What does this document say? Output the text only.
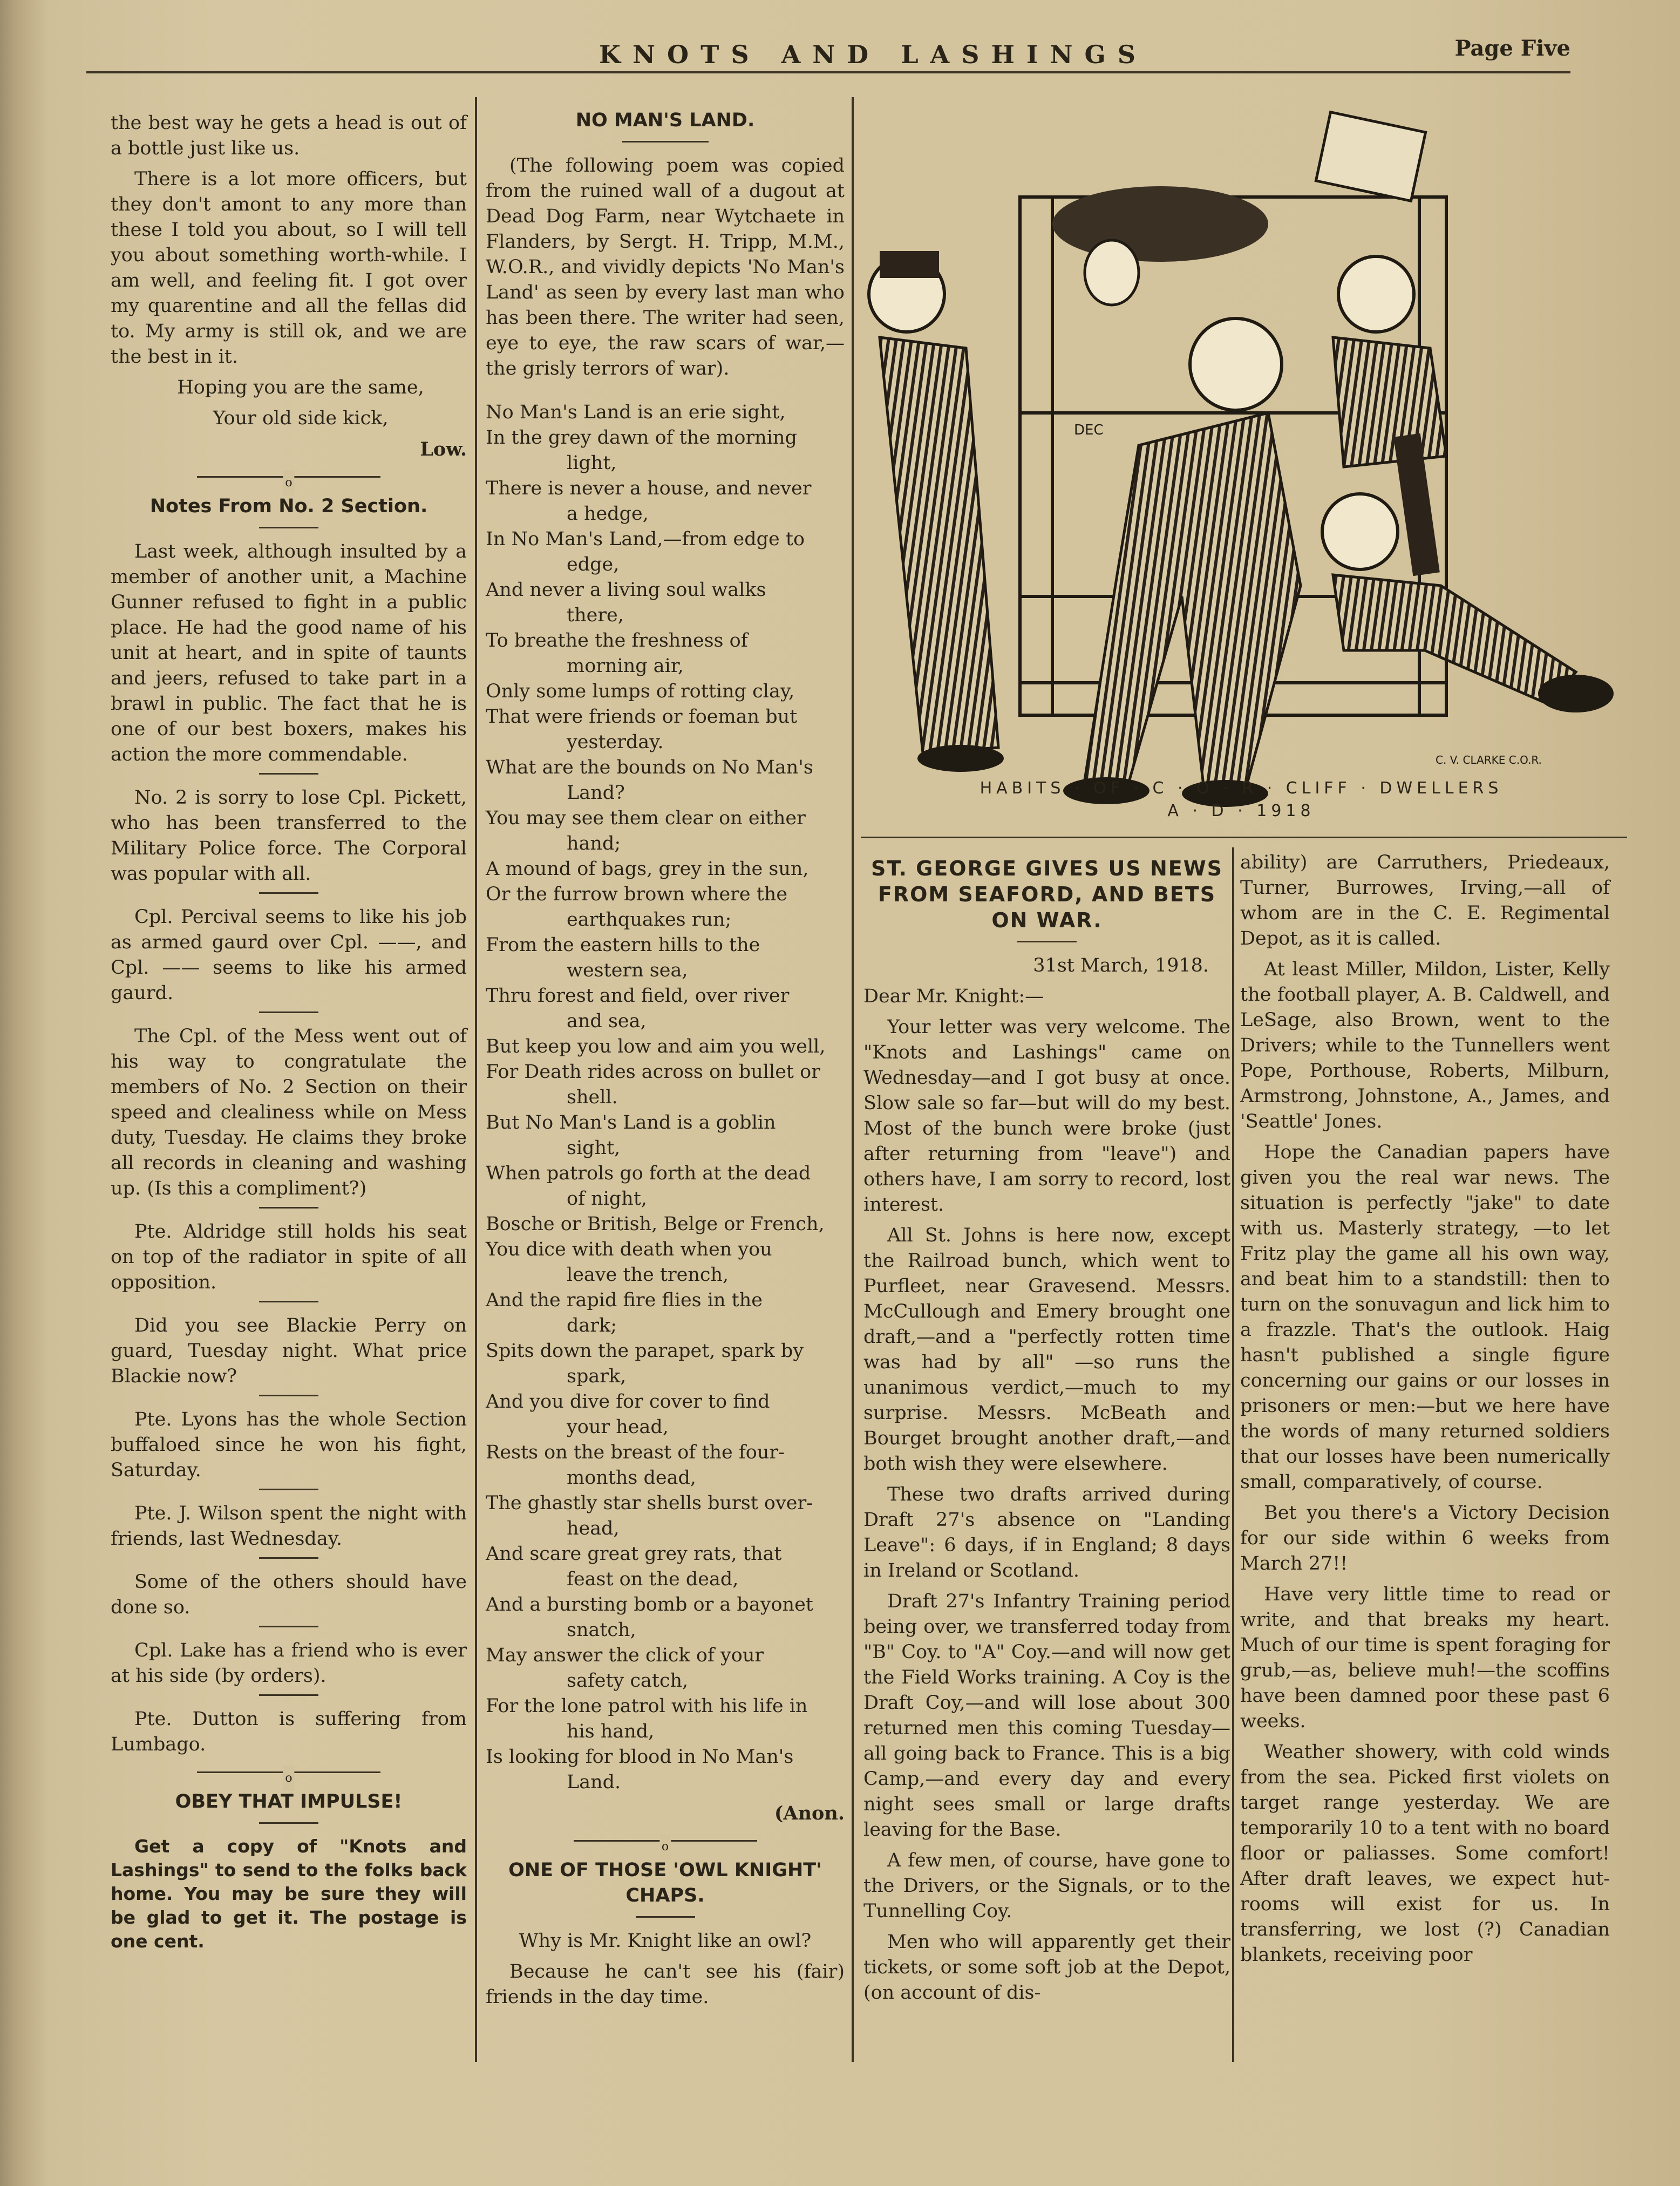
KNOTS AND LASHINGS	Page Five

the best way he gets a head is out of a bottle just like us.

There is a lot more officers, but they don't amont to any more than these I told you about, so I will tell you about something worth-while. I am well, and feeling fit. I got over my quarentine and all the fellas did to. My army is still ok, and we are the best in it.

Hoping you are the same,

Your old side kick,

Low.

o
Notes From No. 2 Section.

Last week, although insulted by a member of another unit, a Machine Gunner refused to fight in a public place. He had the good name of his unit at heart, and in spite of taunts and jeers, refused to take part in a brawl in public. The fact that he is one of our best boxers, makes his action the more commendable.

No. 2 is sorry to lose Cpl. Pickett, who has been transferred to the Military Police force. The Corporal was popular with all.

Cpl. Percival seems to like his job as armed gaurd over Cpl. ——, and Cpl. —— seems to like his armed gaurd.

The Cpl. of the Mess went out of his way to congratulate the members of No. 2 Section on their speed and clealiness while on Mess duty, Tuesday. He claims they broke all records in cleaning and washing up. (Is this a compliment?)

Pte. Aldridge still holds his seat on top of the radiator in spite of all opposition.

Did you see Blackie Perry on guard, Tuesday night. What price Blackie now?

Pte. Lyons has the whole Section buffaloed since he won his fight, Saturday.

Pte. J. Wilson spent the night with friends, last Wednesday.

Some of the others should have done so.

Cpl. Lake has a friend who is ever at his side (by orders).

Pte. Dutton is suffering from Lumbago.

o
OBEY THAT IMPULSE!

Get a copy of "Knots and Lashings" to send to the folks back home. You may be sure they will be glad to get it. The postage is one cent.

NO MAN'S LAND.

(The following poem was copied from the ruined wall of a dugout at Dead Dog Farm, near Wytchaete in Flanders, by Sergt. H. Tripp, M.M., W.O.R., and vividly depicts 'No Man's Land' as seen by every last man who has been there. The writer had seen, eye to eye, the raw scars of war,—the grisly terrors of war).

No Man's Land is an erie sight,
In the grey dawn of the morning
light,
There is never a house, and never
a hedge,
In No Man's Land,—from edge to
edge,
And never a living soul walks
there,
To breathe the freshness of
morning air,
Only some lumps of rotting clay,
That were friends or foeman but
yesterday.
What are the bounds on No Man's
Land?
You may see them clear on either
hand;
A mound of bags, grey in the sun,
Or the furrow brown where the
earthquakes run;
From the eastern hills to the
western sea,
Thru forest and field, over river
and sea,
But keep you low and aim you well,
For Death rides across on bullet or
shell.
But No Man's Land is a goblin
sight,
When patrols go forth at the dead
of night,
Bosche or British, Belge or French,
You dice with death when you
leave the trench,
And the rapid fire flies in the
dark;
Spits down the parapet, spark by
spark,
And you dive for cover to find
your head,
Rests on the breast of the four-
months dead,
The ghastly star shells burst over-
head,
And scare great grey rats, that
feast on the dead,
And a bursting bomb or a bayonet
snatch,
May answer the click of your
safety catch,
For the lone patrol with his life in
his hand,
Is looking for blood in No Man's
Land.

(Anon.

o
ONE OF THOSE 'OWL KNIGHT' CHAPS.

Why is Mr. Knight like an owl?

Because he can't see his (fair) friends in the day time.

DEC
C. V. CLARKE C.O.R.
HABITS · OF · C · O · R · CLIFF · DWELLERS
A · D · 1918
ST. GEORGE GIVES US NEWS FROM SEAFORD, AND BETS ON WAR.

31st March, 1918.

Dear Mr. Knight:—

Your letter was very welcome. The "Knots and Lashings" came on Wednesday—and I got busy at once. Slow sale so far—but will do my best. Most of the bunch were broke (just after returning from "leave") and others have, I am sorry to record, lost interest.

All St. Johns is here now, except the Railroad bunch, which went to Purfleet, near Gravesend. Messrs. McCullough and Emery brought one draft,—and a "perfectly rotten time was had by all" —so runs the unanimous verdict,—much to my surprise. Messrs. McBeath and Bourget brought another draft,—and both wish they were elsewhere.

These two drafts arrived during Draft 27's absence on "Landing Leave": 6 days, if in England; 8 days in Ireland or Scotland.

Draft 27's Infantry Training period being over, we transferred today from "B" Coy. to "A" Coy.—and will now get the Field Works training. A Coy is the Draft Coy,—and will lose about 300 returned men this coming Tuesday—all going back to France. This is a big Camp,—and every day and every night sees small or large drafts leaving for the Base.

A few men, of course, have gone to the Drivers, or the Signals, or to the Tunnelling Coy.

Men who will apparently get their tickets, or some soft job at the Depot, (on account of dis-

ability) are Carruthers, Priedeaux, Turner, Burrowes, Irving,—all of whom are in the C. E. Regimental Depot, as it is called.

At least Miller, Mildon, Lister, Kelly the football player, A. B. Caldwell, and LeSage, also Brown, went to the Drivers; while to the Tunnellers went Pope, Porthouse, Roberts, Milburn, Armstrong, Johnstone, A., James, and 'Seattle' Jones.

Hope the Canadian papers have given you the real war news. The situation is perfectly "jake" to date with us. Masterly strategy, —to let Fritz play the game all his own way, and beat him to a standstill: then to turn on the sonuvagun and lick him to a frazzle. That's the outlook. Haig hasn't published a single figure concerning our gains or our losses in prisoners or men:—but we here have the words of many returned soldiers that our losses have been numerically small, comparatively, of course.

Bet you there's a Victory Decision for our side within 6 weeks from March 27!!

Have very little time to read or write, and that breaks my heart. Much of our time is spent foraging for grub,—as, believe muh!—the scoffins have been damned poor these past 6 weeks.

Weather showery, with cold winds from the sea. Picked first violets on target range yesterday. We are temporarily 10 to a tent with no board floor or paliasses. Some comfort! After draft leaves, we expect hut-rooms will exist for us. In transferring, we lost (?) Canadian blankets, receiving poor
